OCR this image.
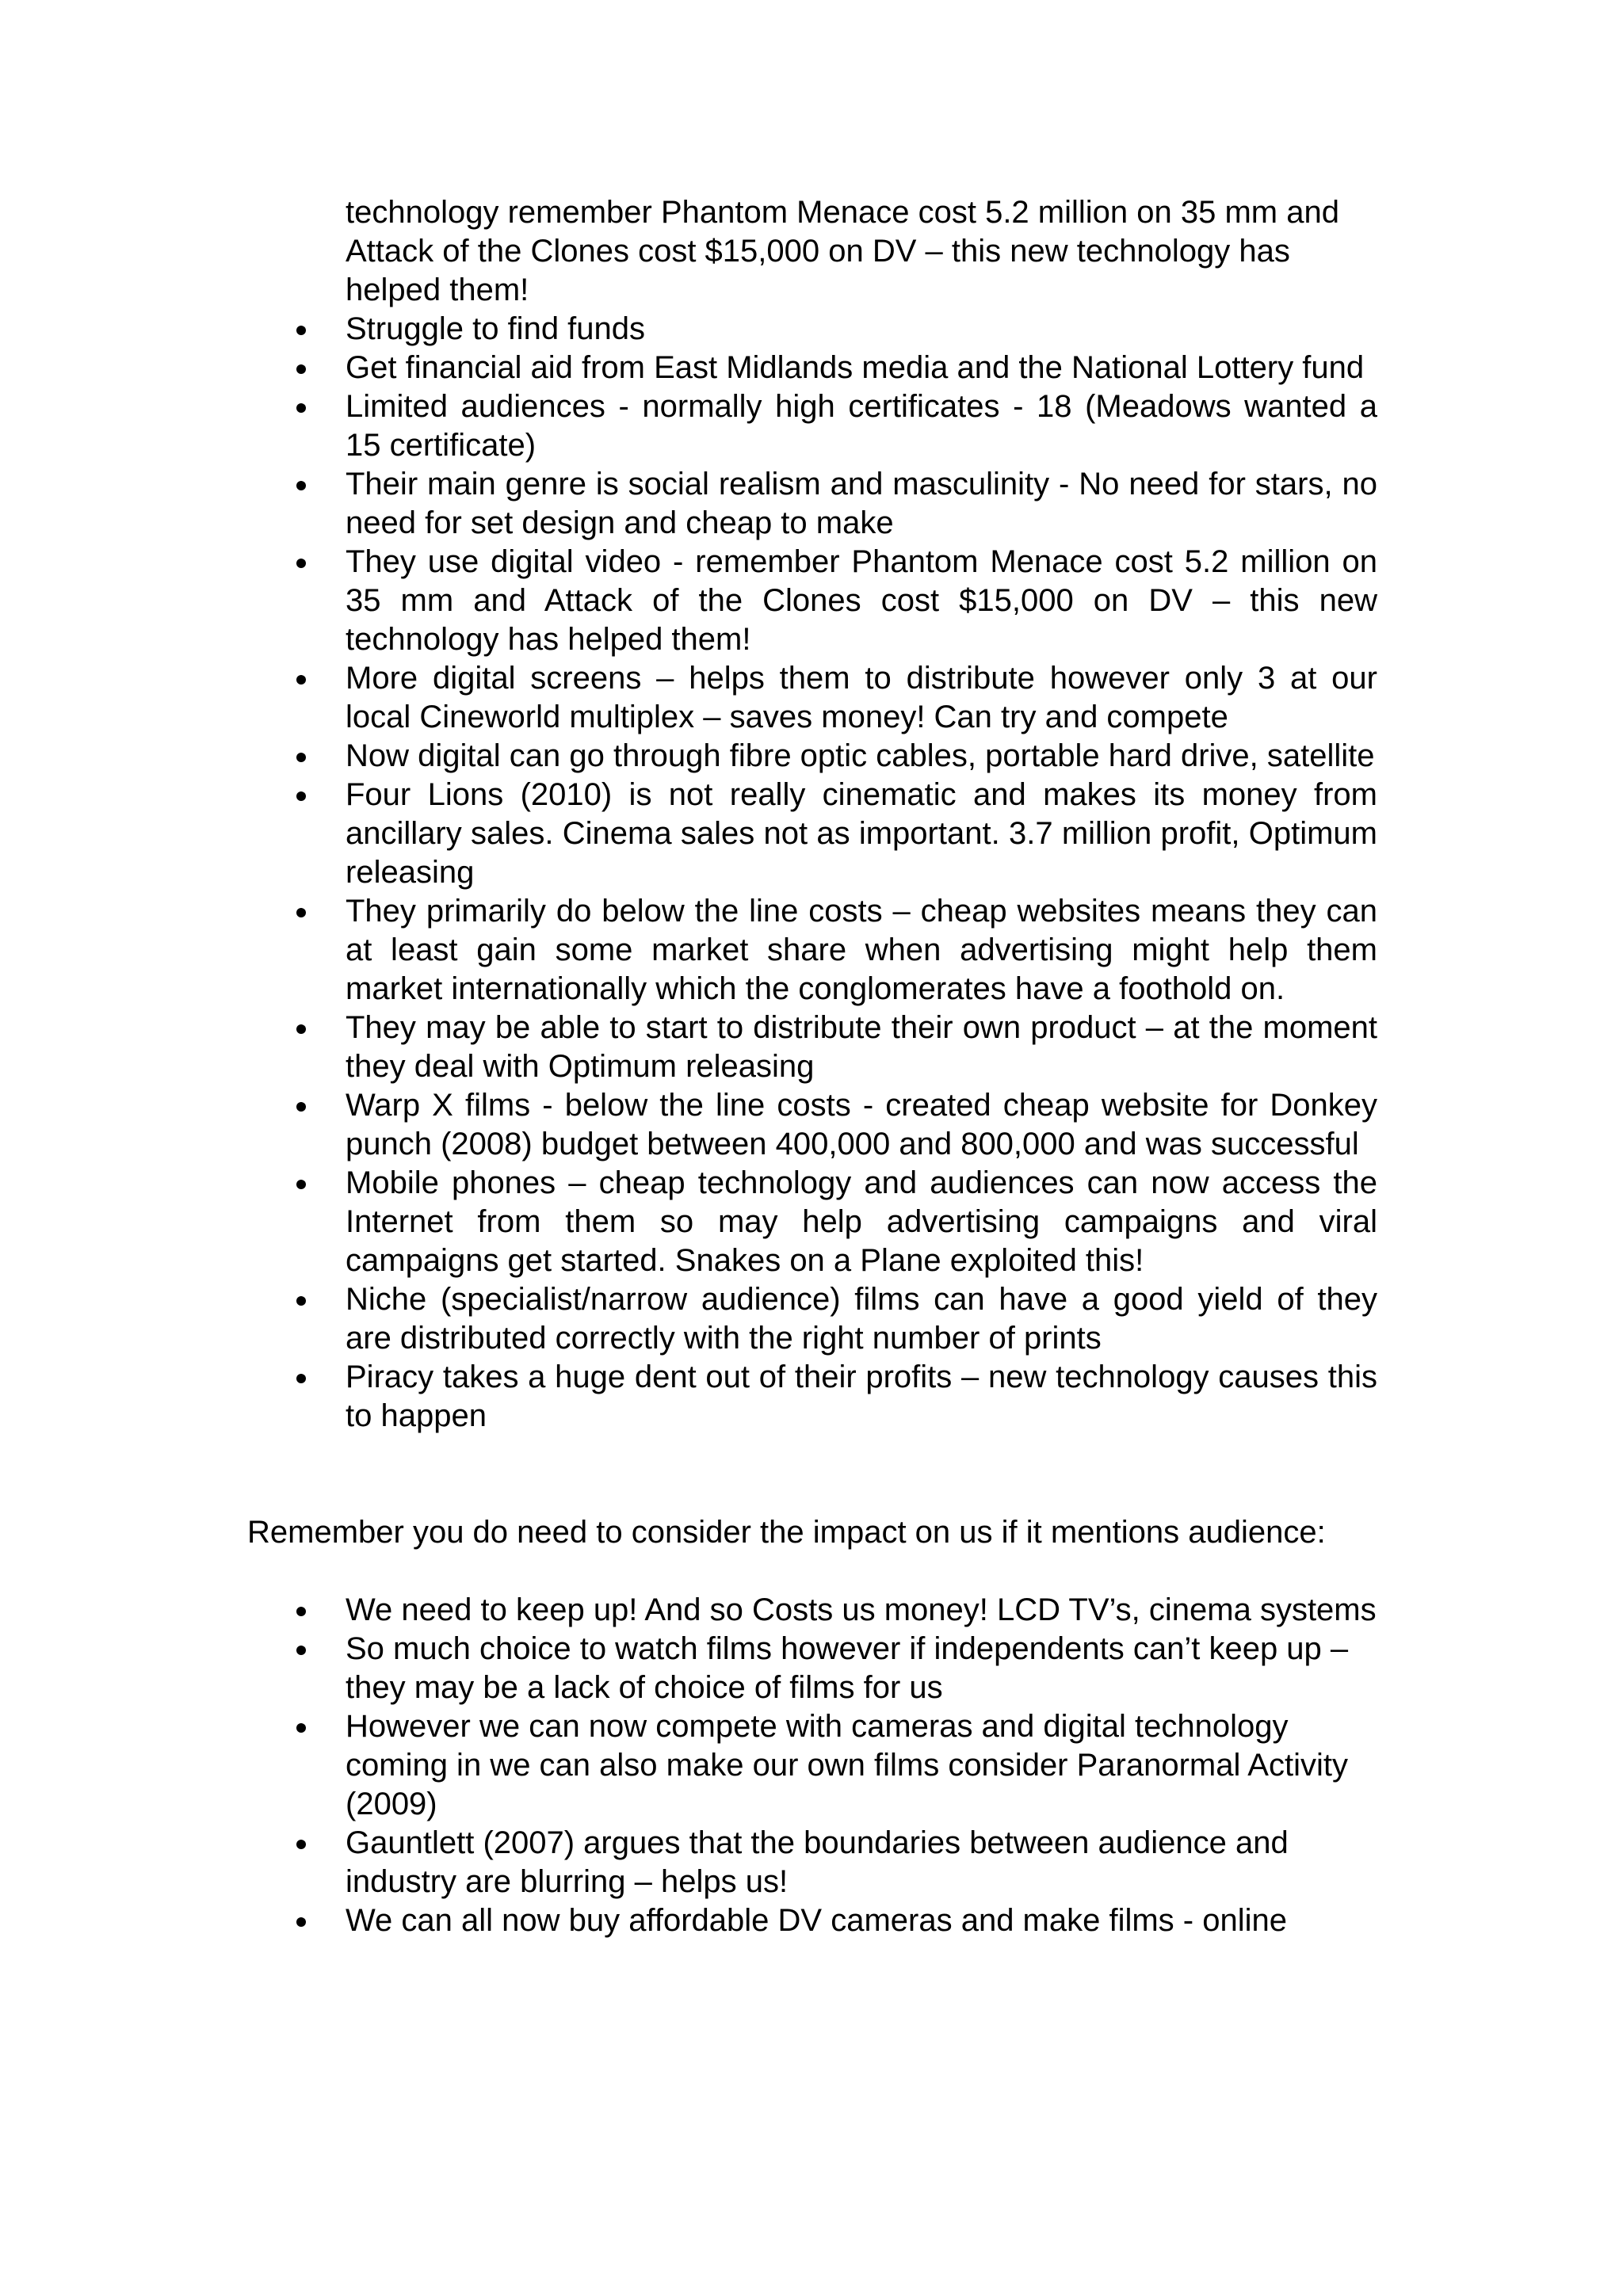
technology remember Phantom Menace cost 5.2 million on 35 mm and Attack of the Clones cost $15,000 on DV – this new technology has helped them!

Struggle to find funds
Get financial aid from East Midlands media and the National Lottery fund
Limited audiences - normally high certificates - 18 (Meadows wanted a 15 certificate)
Their main genre is social realism and masculinity - No need for stars, no need for set design and cheap to make
They use digital video - remember Phantom Menace cost 5.2 million on 35 mm and Attack of the Clones cost $15,000 on DV – this new technology has helped them!
More digital screens – helps them to distribute however only 3 at our local Cineworld multiplex – saves money! Can try and compete
Now digital can go through fibre optic cables, portable hard drive, satellite
Four Lions (2010) is not really cinematic and makes its money from ancillary sales. Cinema sales not as important. 3.7 million profit, Optimum releasing
They primarily do below the line costs – cheap websites means they can at least gain some market share when advertising might help them market internationally which the conglomerates have a foothold on.
They may be able to start to distribute their own product – at the moment they deal with Optimum releasing
Warp X films - below the line costs - created cheap website for Donkey punch (2008) budget between 400,000 and 800,000 and was successful
Mobile phones – cheap technology and audiences can now access the Internet from them so may help advertising campaigns and viral campaigns get started. Snakes on a Plane exploited this!
Niche (specialist/narrow audience) films can have a good yield of they are distributed correctly with the right number of prints
Piracy takes a huge dent out of their profits – new technology causes this to happen

Remember you do need to consider the impact on us if it mentions audience:

We need to keep up! And so Costs us money! LCD TV’s, cinema systems
So much choice to watch films however if independents can’t keep up – they may be a lack of choice of films for us
However we can now compete with cameras and digital technology coming in we can also make our own films consider Paranormal Activity (2009)
Gauntlett (2007) argues that the boundaries between audience and industry are blurring – helps us!
We can all now buy affordable DV cameras and make films - online
